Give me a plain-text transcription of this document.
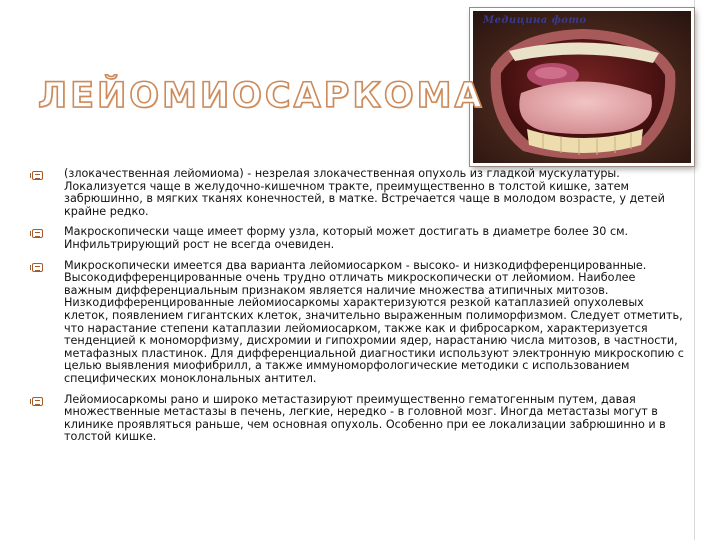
Медицина фото
ЛЕЙОМИОСАРКОМА
(злокачественная лейомиома) - незрелая злокачественная опухоль из гладкой мускулатуры. Локализуется чаще в желудочно-кишечном тракте, преимущественно в толстой кишке, затем забрюшинно, в мягких тканях конечностей, в матке. Встречается чаще в молодом возрасте, у детей крайне редко.
Макроскопически чаще имеет форму узла, который может достигать в диаметре более 30 см. Инфильтрирующий рост не всегда очевиден.
Микроскопически имеется два варианта лейомиосарком - высоко- и низкодифференцированные. Высокодифференцированные очень трудно отличать микроскопически от лейомиом. Наиболее важным дифференциальным признаком является наличие множества атипичных митозов. Низкодифференцированные лейомиосаркомы характеризуются резкой катаплазией опухолевых клеток, появлением гигантских клеток, значительно выраженным полиморфизмом. Следует отметить, что нарастание степени катаплазии лейомиосарком, также как и фибросарком, характеризуется тенденцией к мономорфизму, дисхромии и гипохромии ядер, нарастанию числа митозов, в частности, метафазных пластинок. Для дифференциальной диагностики используют электронную микроскопию с целью выявления миофибрилл, а также иммуноморфологические методики с использованием специфических моноклональных антител.
Лейомиосаркомы рано и широко метастазируют преимущественно гематогенным путем, давая множественные метастазы в печень, легкие, нередко - в головной мозг. Иногда метастазы могут в клинике проявляться раньше, чем основная опухоль. Особенно при ее локализации забрюшинно и в толстой кишке.
